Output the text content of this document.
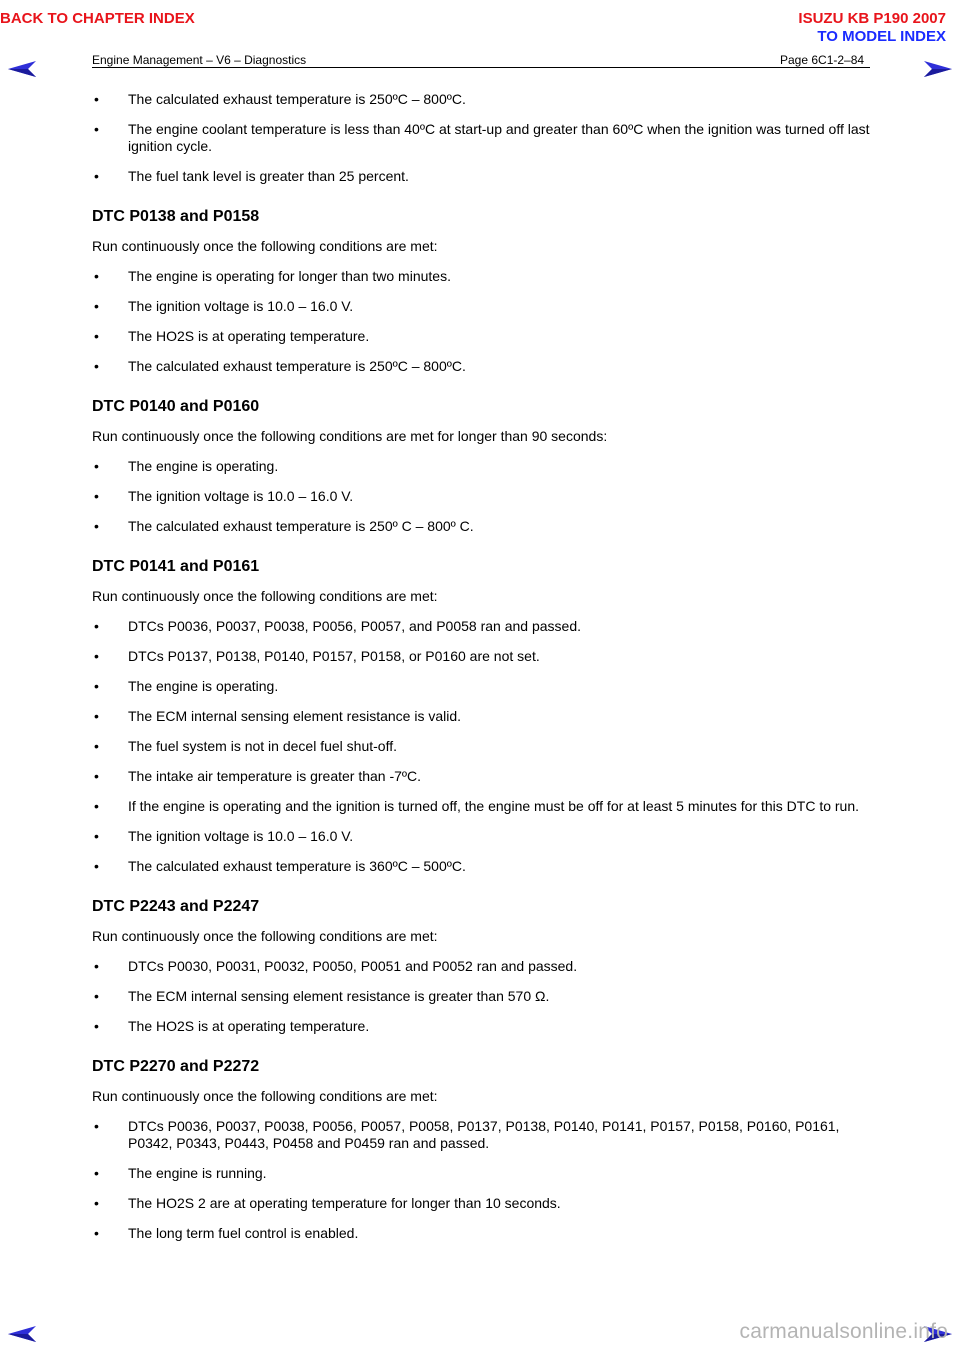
BACK TO CHAPTER INDEX	ISUZU KB P190 2007
TO MODEL INDEX
Engine Management – V6 – Diagnostics	Page 6C1-2–84
• The calculated exhaust temperature is 250ºC – 800ºC.
• The engine coolant temperature is less than 40ºC at start-up and greater than 60ºC when the ignition was turned off last ignition cycle.
• The fuel tank level is greater than 25 percent.
DTC P0138 and P0158
Run continuously once the following conditions are met:
• The engine is operating for longer than two minutes.
• The ignition voltage is 10.0 – 16.0 V.
• The HO2S is at operating temperature.
• The calculated exhaust temperature is 250ºC – 800ºC.
DTC P0140 and P0160
Run continuously once the following conditions are met for longer than 90 seconds:
• The engine is operating.
• The ignition voltage is 10.0 – 16.0 V.
• The calculated exhaust temperature is 250º C – 800º C.
DTC P0141 and P0161
Run continuously once the following conditions are met:
• DTCs P0036, P0037, P0038, P0056, P0057, and P0058 ran and passed.
• DTCs P0137, P0138, P0140, P0157, P0158, or P0160 are not set.
• The engine is operating.
• The ECM internal sensing element resistance is valid.
• The fuel system is not in decel fuel shut-off.
• The intake air temperature is greater than -7ºC.
• If the engine is operating and the ignition is turned off, the engine must be off for at least 5 minutes for this DTC to run.
• The ignition voltage is 10.0 – 16.0 V.
• The calculated exhaust temperature is 360ºC – 500ºC.
DTC P2243 and P2247
Run continuously once the following conditions are met:
• DTCs P0030, P0031, P0032, P0050, P0051 and P0052 ran and passed.
• The ECM internal sensing element resistance is greater than 570 Ω.
• The HO2S is at operating temperature.
DTC P2270 and P2272
Run continuously once the following conditions are met:
• DTCs P0036, P0037, P0038, P0056, P0057, P0058, P0137, P0138, P0140, P0141, P0157, P0158, P0160, P0161, P0342, P0343, P0443, P0458 and P0459 ran and passed.
• The engine is running.
• The HO2S 2 are at operating temperature for longer than 10 seconds.
• The long term fuel control is enabled.
carmanualsonline.info
